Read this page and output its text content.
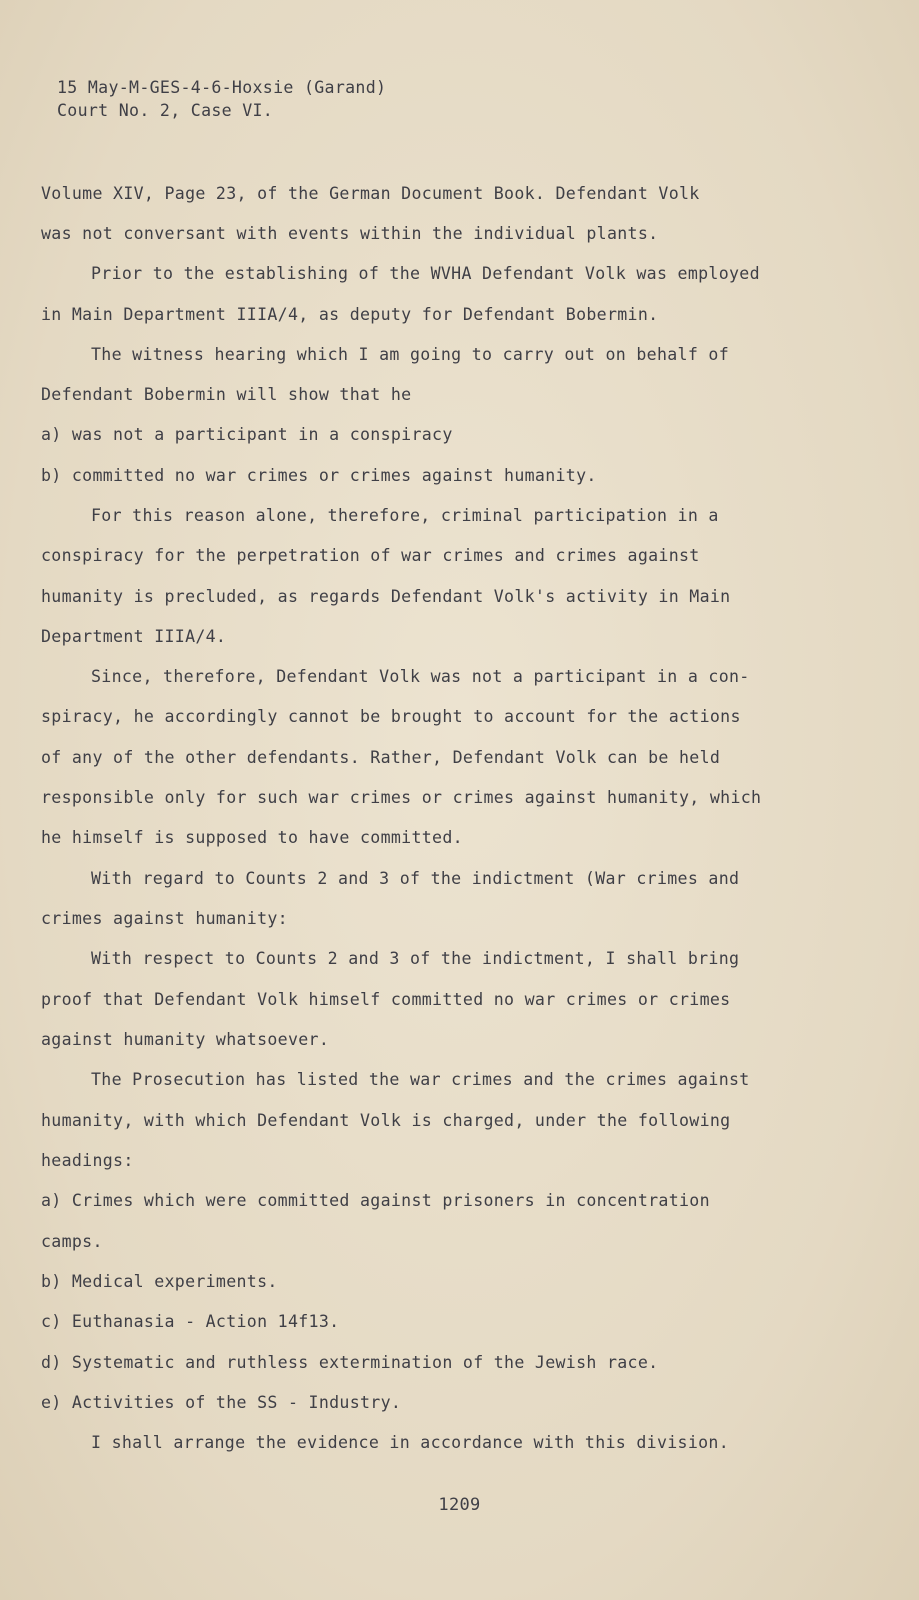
15 May-M-GES-4-6-Hoxsie (Garand)
Court No. 2, Case VI.
Volume XIV, Page 23, of the German Document Book. Defendant Volk
was not conversant with events within the individual plants.
Prior to the establishing of the WVHA Defendant Volk was employed
in Main Department IIIA/4, as deputy for Defendant Bobermin.
The witness hearing which I am going to carry out on behalf of
Defendant Bobermin will show that he
a) was not a participant in a conspiracy
b) committed no war crimes or crimes against humanity.
For this reason alone, therefore, criminal participation in a
conspiracy for the perpetration of war crimes and crimes against
humanity is precluded, as regards Defendant Volk's activity in Main
Department IIIA/4.
Since, therefore, Defendant Volk was not a participant in a con-
spiracy, he accordingly cannot be brought to account for the actions
of any of the other defendants. Rather, Defendant Volk can be held
responsible only for such war crimes or crimes against humanity, which
he himself is supposed to have committed.
With regard to Counts 2 and 3 of the indictment (War crimes and
crimes against humanity:
With respect to Counts 2 and 3 of the indictment, I shall bring
proof that Defendant Volk himself committed no war crimes or crimes
against humanity whatsoever.
The Prosecution has listed the war crimes and the crimes against
humanity, with which Defendant Volk is charged, under the following
headings:
a) Crimes which were committed against prisoners in concentration
camps.
b) Medical experiments.
c) Euthanasia - Action 14f13.
d) Systematic and ruthless extermination of the Jewish race.
e) Activities of the SS - Industry.
I shall arrange the evidence in accordance with this division.
1209
